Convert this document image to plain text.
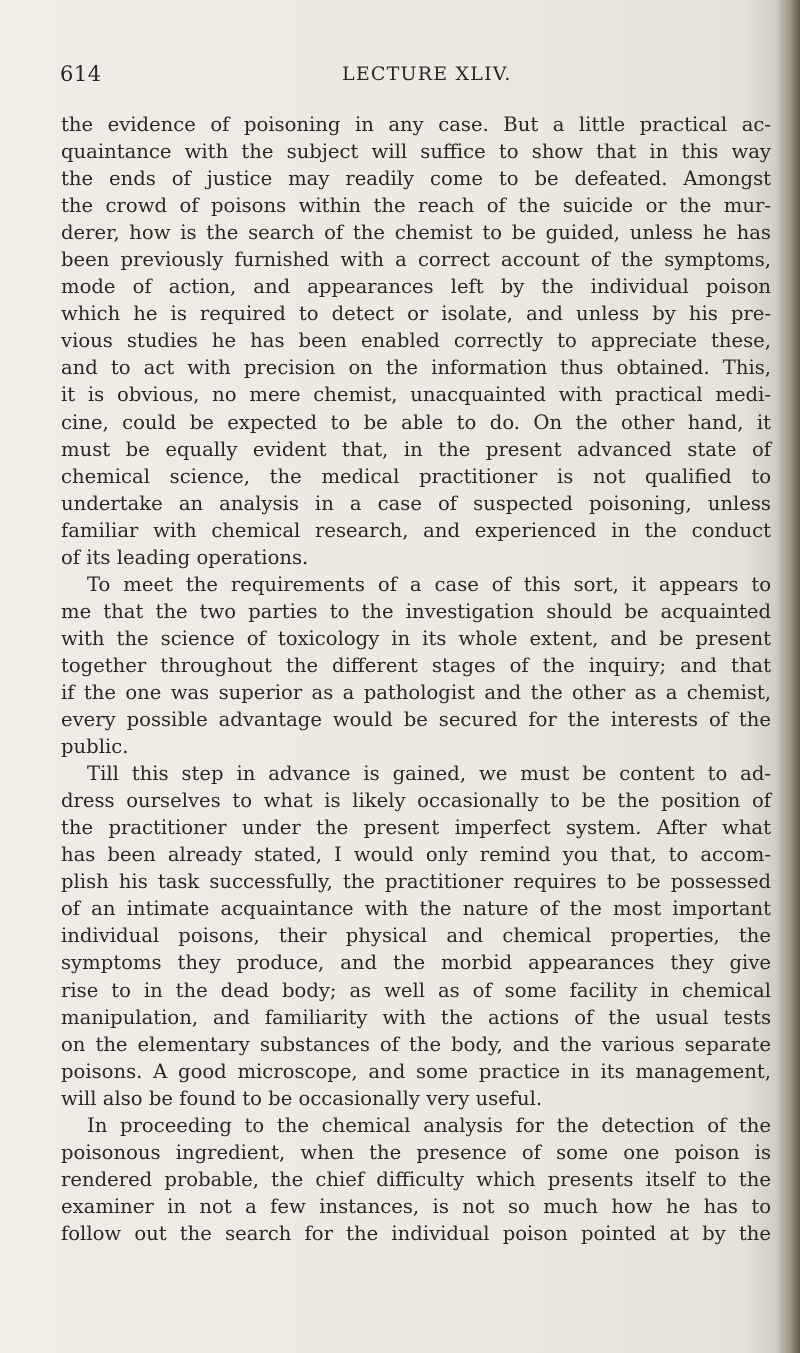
614	LECTURE XLIV.
the evidence of poisoning in any case. But a little practical ac-
quaintance with the subject will suffice to show that in this way
the ends of justice may readily come to be defeated. Amongst
the crowd of poisons within the reach of the suicide or the mur-
derer, how is the search of the chemist to be guided, unless he has
been previously furnished with a correct account of the symptoms,
mode of action, and appearances left by the individual poison
which he is required to detect or isolate, and unless by his pre-
vious studies he has been enabled correctly to appreciate these,
and to act with precision on the information thus obtained. This,
it is obvious, no mere chemist, unacquainted with practical medi-
cine, could be expected to be able to do. On the other hand, it
must be equally evident that, in the present advanced state of
chemical science, the medical practitioner is not qualified to
undertake an analysis in a case of suspected poisoning, unless
familiar with chemical research, and experienced in the conduct
of its leading operations.
To meet the requirements of a case of this sort, it appears to
me that the two parties to the investigation should be acquainted
with the science of toxicology in its whole extent, and be present
together throughout the different stages of the inquiry; and that
if the one was superior as a pathologist and the other as a chemist,
every possible advantage would be secured for the interests of the
public.
Till this step in advance is gained, we must be content to ad-
dress ourselves to what is likely occasionally to be the position of
the practitioner under the present imperfect system. After what
has been already stated, I would only remind you that, to accom-
plish his task successfully, the practitioner requires to be possessed
of an intimate acquaintance with the nature of the most important
individual poisons, their physical and chemical properties, the
symptoms they produce, and the morbid appearances they give
rise to in the dead body; as well as of some facility in chemical
manipulation, and familiarity with the actions of the usual tests
on the elementary substances of the body, and the various separate
poisons. A good microscope, and some practice in its management,
will also be found to be occasionally very useful.
In proceeding to the chemical analysis for the detection of the
poisonous ingredient, when the presence of some one poison is
rendered probable, the chief difficulty which presents itself to the
examiner in not a few instances, is not so much how he has to
follow out the search for the individual poison pointed at by the
